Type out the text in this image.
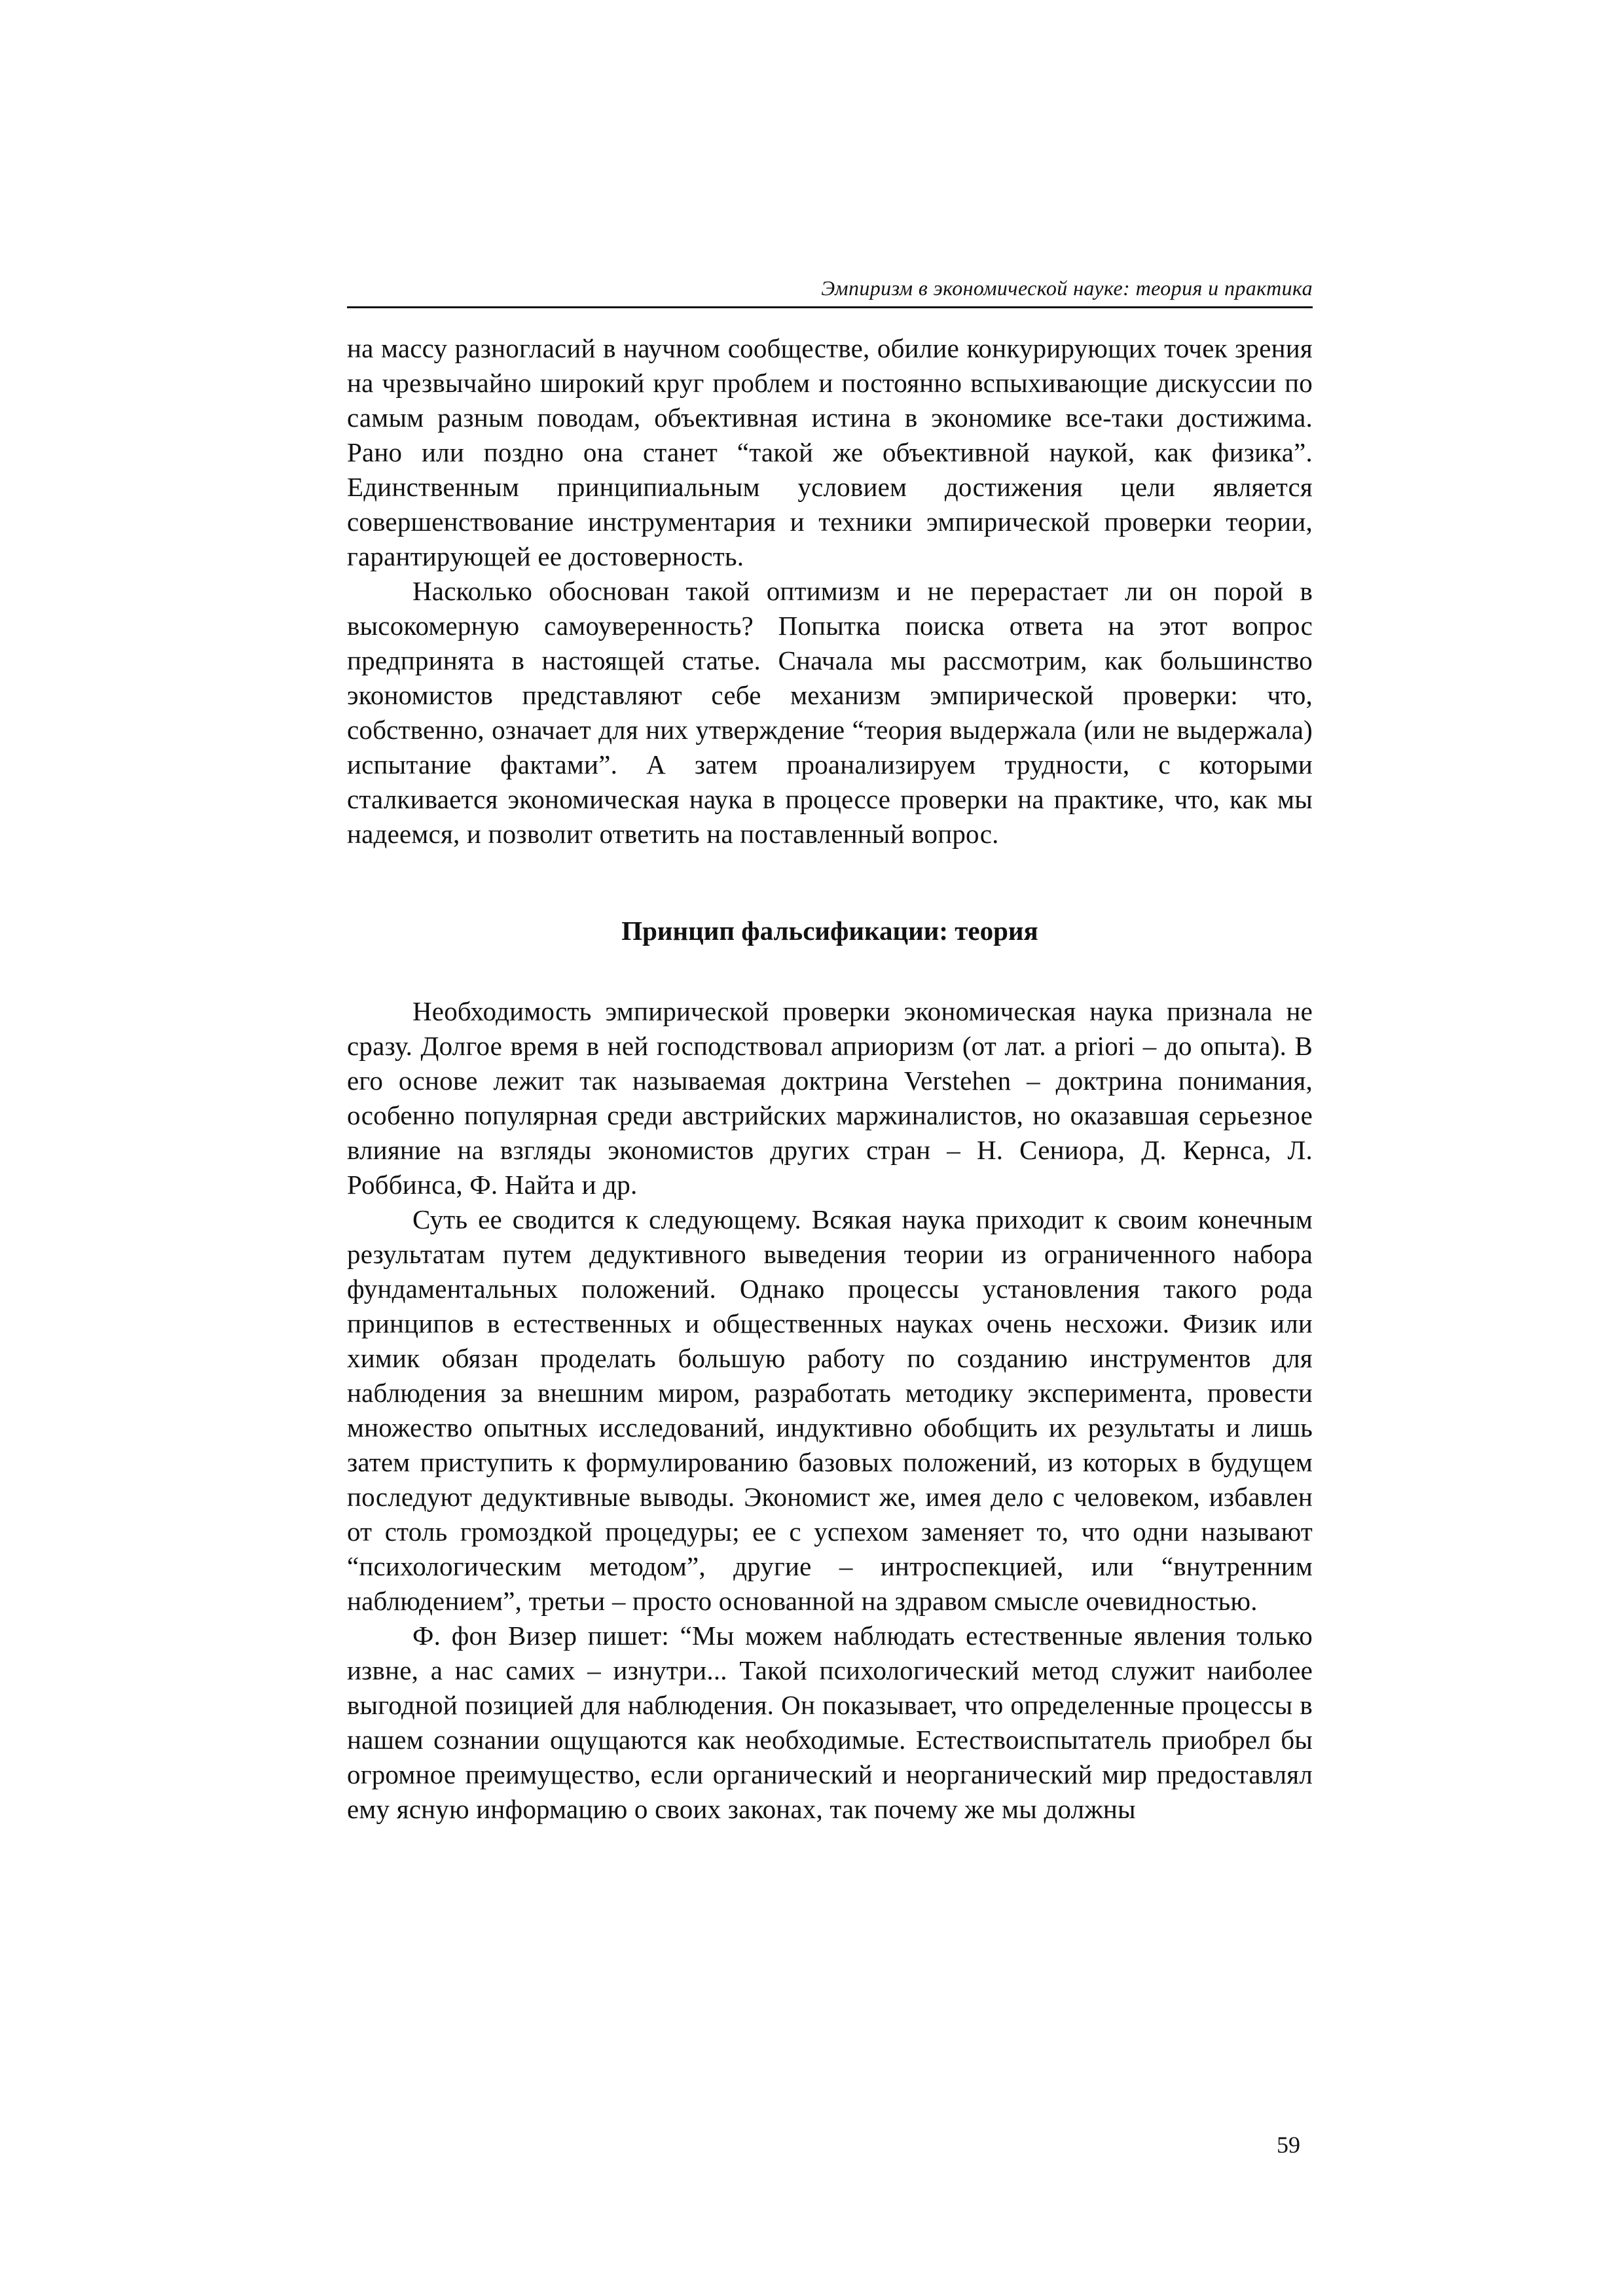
Эмпиризм в экономической науке: теория и практика

на массу разногласий в научном сообществе, обилие конкурирующих точек зрения на чрезвычайно широкий круг проблем и постоянно вспыхивающие дискуссии по самым разным поводам, объективная истина в экономике все-таки достижима. Рано или поздно она станет “такой же объективной наукой, как физика”. Единственным принципиальным условием достижения цели является совершенствование инструментария и техники эмпирической проверки теории, гарантирующей ее достоверность.

Насколько обоснован такой оптимизм и не перерастает ли он порой в высокомерную самоуверенность? Попытка поиска ответа на этот вопрос предпринята в настоящей статье. Сначала мы рассмотрим, как большинство экономистов представляют себе механизм эмпирической проверки: что, собственно, означает для них утверждение “теория выдержала (или не выдержала) испытание фактами”. А затем проанализируем трудности, с которыми сталкивается экономическая наука в процессе проверки на практике, что, как мы надеемся, и позволит ответить на поставленный вопрос.

Принцип фальсификации: теория

Необходимость эмпирической проверки экономическая наука признала не сразу. Долгое время в ней господствовал априоризм (от лат. a priori – до опыта). В его основе лежит так называемая доктрина Verstehen – доктрина понимания, особенно популярная среди австрийских маржиналистов, но оказавшая серьезное влияние на взгляды экономистов других стран – Н. Сениора, Д. Кернса, Л. Роббинса, Ф. Найта и др.

Суть ее сводится к следующему. Всякая наука приходит к своим конечным результатам путем дедуктивного выведения теории из ограниченного набора фундаментальных положений. Однако процессы установления такого рода принципов в естественных и общественных науках очень несхожи. Физик или химик обязан проделать большую работу по созданию инструментов для наблюдения за внешним миром, разработать методику эксперимента, провести множество опытных исследований, индуктивно обобщить их результаты и лишь затем приступить к формулированию базовых положений, из которых в будущем последуют дедуктивные выводы. Экономист же, имея дело с человеком, избавлен от столь громоздкой процедуры; ее с успехом заменяет то, что одни называют “психологическим методом”, другие – интроспекцией, или “внутренним наблюдением”, третьи – просто основанной на здравом смысле очевидностью.

Ф. фон Визер пишет: “Мы можем наблюдать естественные явления только извне, а нас самих – изнутри... Такой психологический метод служит наиболее выгодной позицией для наблюдения. Он показывает, что определенные процессы в нашем сознании ощущаются как необходимые. Естествоиспытатель приобрел бы огромное преимущество, если органический и неорганический мир предоставлял ему ясную информацию о своих законах, так почему же мы должны

59
